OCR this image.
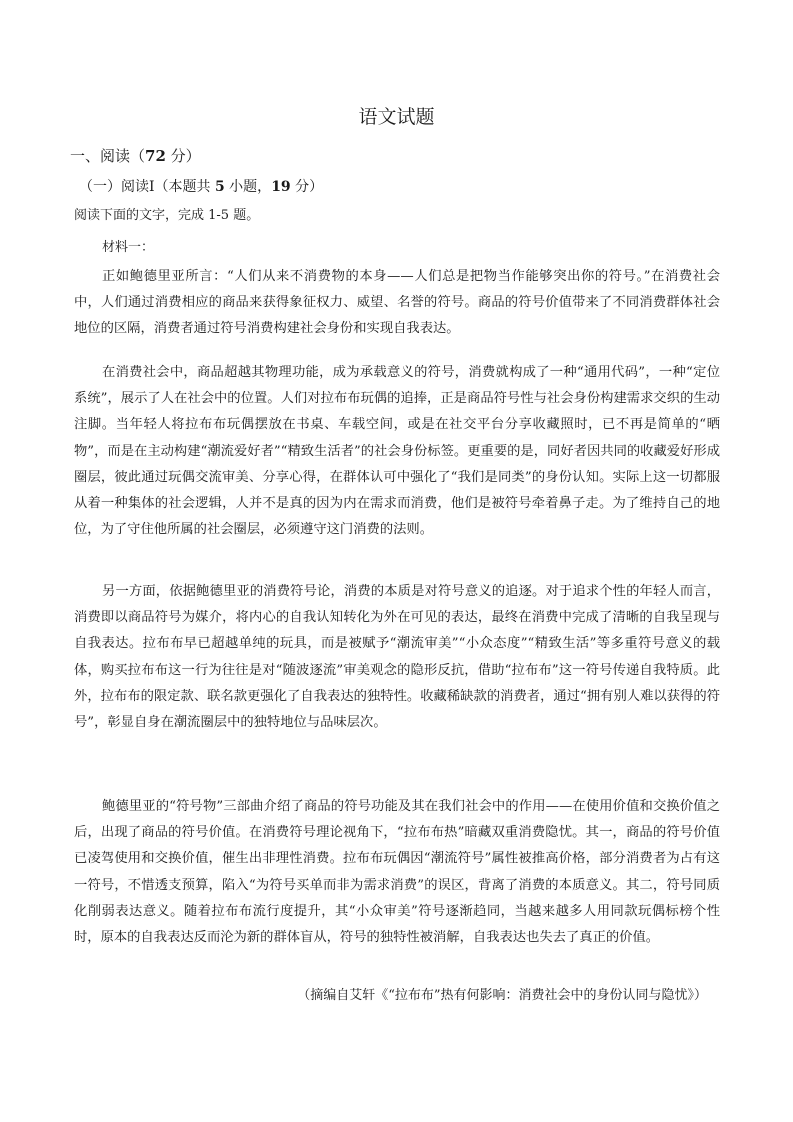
语文试题
一、阅读（72 分）
（一）阅读Ⅰ（本题共 5 小题，19 分）
阅读下面的文字，完成 1-5 题。
材料一：

正如鲍德里亚所言：“人们从来不消费物的本身——人们总是把物当作能够突出你的符号。”在消费社会中，人们通过消费相应的商品来获得象征权力、威望、名誉的符号。商品的符号价值带来了不同消费群体社会地位的区隔，消费者通过符号消费构建社会身份和实现自我表达。

在消费社会中，商品超越其物理功能，成为承载意义的符号，消费就构成了一种“通用代码”，一种“定位系统”，展示了人在社会中的位置。人们对拉布布玩偶的追捧，正是商品符号性与社会身份构建需求交织的生动注脚。当年轻人将拉布布玩偶摆放在书桌、车载空间，或是在社交平台分享收藏照时，已不再是简单的“晒物”，而是在主动构建“潮流爱好者”“精致生活者”的社会身份标签。更重要的是，同好者因共同的收藏爱好形成圈层，彼此通过玩偶交流审美、分享心得，在群体认可中强化了“我们是同类”的身份认知。实际上这一切都服从着一种集体的社会逻辑，人并不是真的因为内在需求而消费，他们是被符号牵着鼻子走。为了维持自己的地位，为了守住他所属的社会圈层，必须遵守这门消费的法则。

另一方面，依据鲍德里亚的消费符号论，消费的本质是对符号意义的追逐。对于追求个性的年轻人而言，消费即以商品符号为媒介，将内心的自我认知转化为外在可见的表达，最终在消费中完成了清晰的自我呈现与自我表达。拉布布早已超越单纯的玩具，而是被赋予“潮流审美”“小众态度”“精致生活”等多重符号意义的载体，购买拉布布这一行为往往是对“随波逐流”审美观念的隐形反抗，借助“拉布布”这一符号传递自我特质。此外，拉布布的限定款、联名款更强化了自我表达的独特性。收藏稀缺款的消费者，通过“拥有别人难以获得的符号”，彰显自身在潮流圈层中的独特地位与品味层次。

鲍德里亚的“符号物”三部曲介绍了商品的符号功能及其在我们社会中的作用——在使用价值和交换价值之后，出现了商品的符号价值。在消费符号理论视角下，“拉布布热”暗藏双重消费隐忧。其一，商品的符号价值已凌驾使用和交换价值，催生出非理性消费。拉布布玩偶因“潮流符号”属性被推高价格，部分消费者为占有这一符号，不惜透支预算，陷入“为符号买单而非为需求消费”的误区，背离了消费的本质意义。其二，符号同质化削弱表达意义。随着拉布布流行度提升，其“小众审美”符号逐渐趋同，当越来越多人用同款玩偶标榜个性时，原本的自我表达反而沦为新的群体盲从，符号的独特性被消解，自我表达也失去了真正的价值。

（摘编自艾轩《“拉布布”热有何影响：消费社会中的身份认同与隐忧》）
